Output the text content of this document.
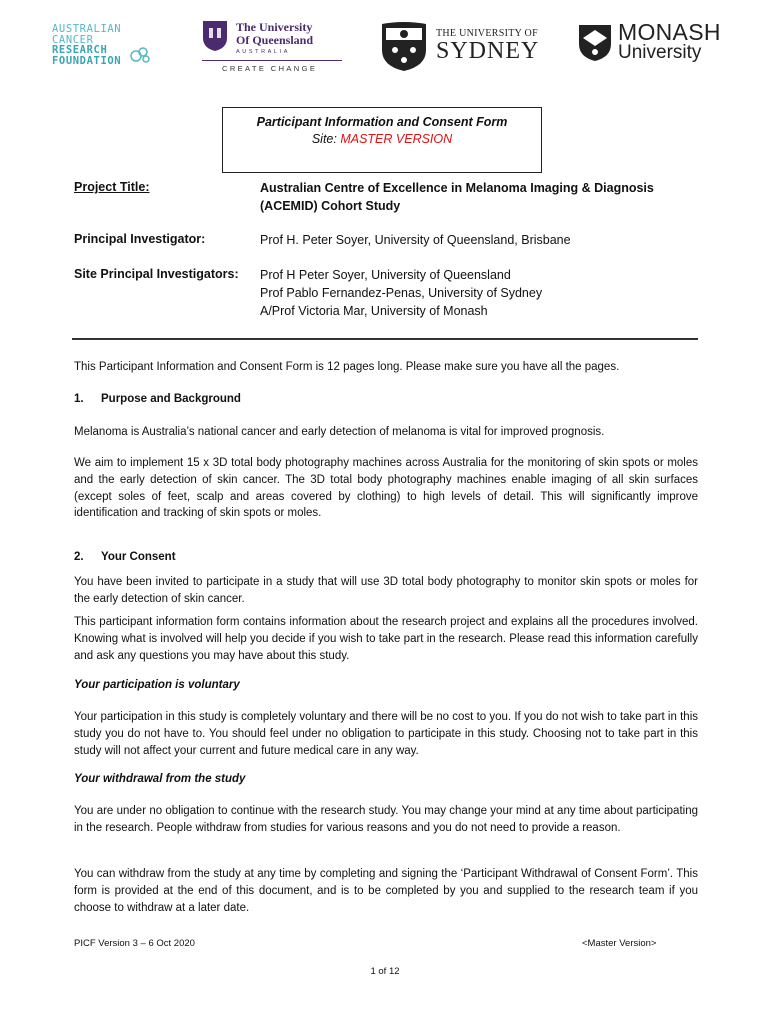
AUSTRALIAN
CANCER
RESEARCH
FOUNDATION
The University
Of Queensland
AUSTRALIA
CREATE CHANGE
THE UNIVERSITY OF
SYDNEY
MONASH
University
Participant Information and Consent Form
Site: MASTER VERSION
Project Title:	Australian Centre of Excellence in Melanoma Imaging & Diagnosis
(ACEMID) Cohort Study
Principal Investigator:	Prof H. Peter Soyer, University of Queensland, Brisbane
Site Principal Investigators: Prof H Peter Soyer, University of Queensland
Prof Pablo Fernandez-Penas, University of Sydney
A/Prof Victoria Mar, University of Monash
This Participant Information and Consent Form is 12 pages long. Please make sure you have all the pages.
1. Purpose and Background
Melanoma is Australia’s national cancer and early detection of melanoma is vital for improved prognosis.
We aim to implement 15 x 3D total body photography machines across Australia for the monitoring of skin spots or moles and the early detection of skin cancer. The 3D total body photography machines enable imaging of all skin surfaces (except soles of feet, scalp and areas covered by clothing) to high levels of detail. This will significantly improve identification and tracking of skin spots or moles.
2. Your Consent
You have been invited to participate in a study that will use 3D total body photography to monitor skin spots or moles for the early detection of skin cancer.
This participant information form contains information about the research project and explains all the procedures involved. Knowing what is involved will help you decide if you wish to take part in the research. Please read this information carefully and ask any questions you may have about this study.
Your participation is voluntary
Your participation in this study is completely voluntary and there will be no cost to you. If you do not wish to take part in this study you do not have to. You should feel under no obligation to participate in this study. Choosing not to take part in this study will not affect your current and future medical care in any way.
Your withdrawal from the study
You are under no obligation to continue with the research study. You may change your mind at any time about participating in the research. People withdraw from studies for various reasons and you do not need to provide a reason.
You can withdraw from the study at any time by completing and signing the ‘Participant Withdrawal of Consent Form’. This form is provided at the end of this document, and is to be completed by you and supplied to the research team if you choose to withdraw at a later date.
PICF Version 3 – 6 Oct 2020	<Master Version>
1 of 12
